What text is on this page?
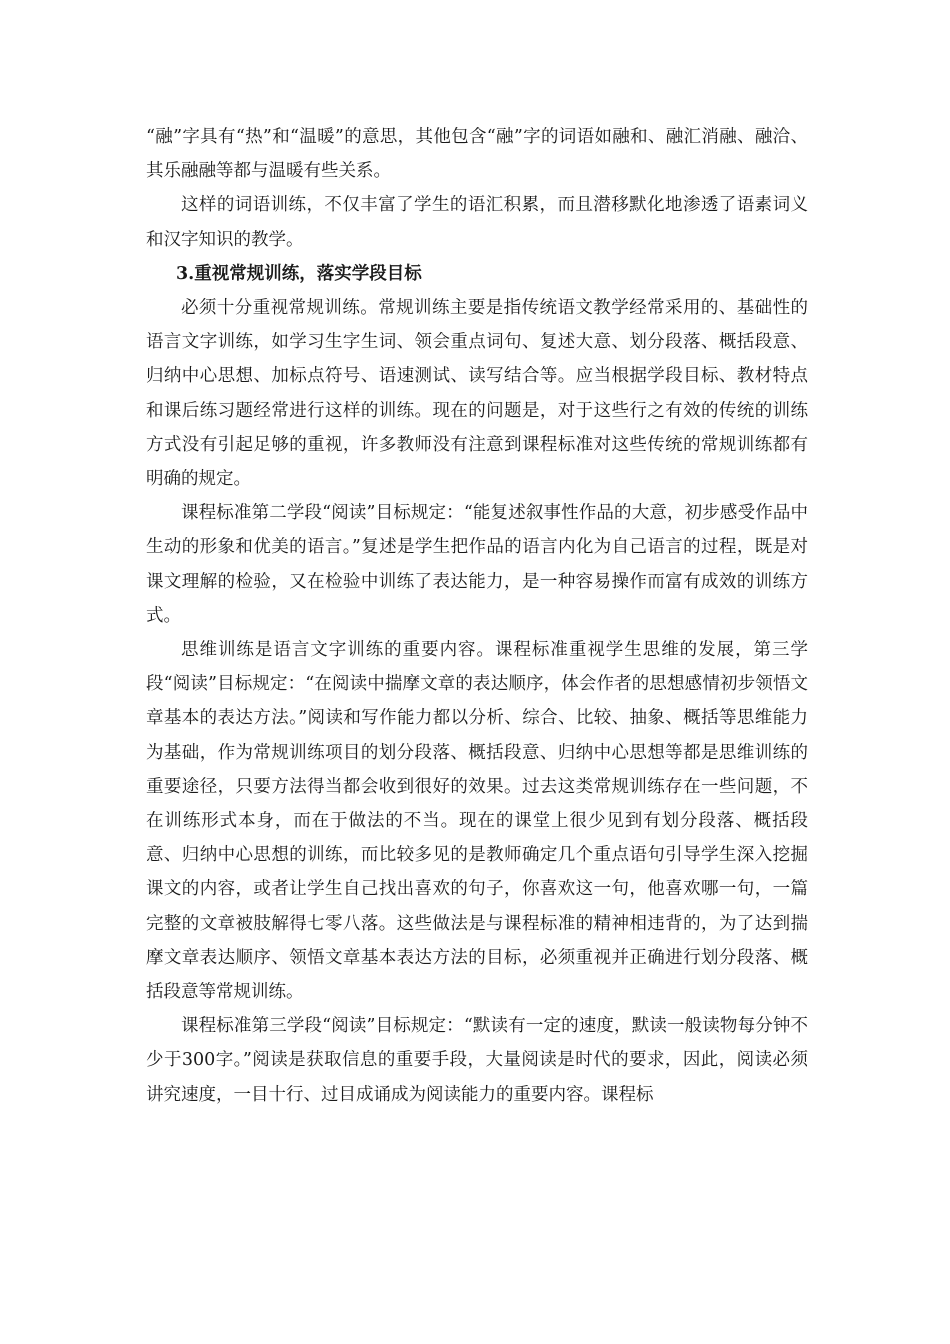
“融”字具有“热”和“温暖”的意思，其他包含“融”字的词语如融和、融汇消融、融洽、其乐融融等都与温暖有些关系。

这样的词语训练，不仅丰富了学生的语汇积累，而且潜移默化地渗透了语素词义和汉字知识的教学。

3.重视常规训练，落实学段目标

必须十分重视常规训练。常规训练主要是指传统语文教学经常采用的、基础性的语言文字训练，如学习生字生词、领会重点词句、复述大意、划分段落、概括段意、归纳中心思想、加标点符号、语速测试、读写结合等。应当根据学段目标、教材特点和课后练习题经常进行这样的训练。现在的问题是，对于这些行之有效的传统的训练方式没有引起足够的重视，许多教师没有注意到课程标准对这些传统的常规训练都有明确的规定。

课程标准第二学段“阅读”目标规定：“能复述叙事性作品的大意，初步感受作品中生动的形象和优美的语言。”复述是学生把作品的语言内化为自己语言的过程，既是对课文理解的检验，又在检验中训练了表达能力，是一种容易操作而富有成效的训练方式。

思维训练是语言文字训练的重要内容。课程标准重视学生思维的发展，第三学段“阅读”目标规定：“在阅读中揣摩文章的表达顺序，体会作者的思想感情初步领悟文章基本的表达方法。”阅读和写作能力都以分析、综合、比较、抽象、概括等思维能力为基础，作为常规训练项目的划分段落、概括段意、归纳中心思想等都是思维训练的重要途径，只要方法得当都会收到很好的效果。过去这类常规训练存在一些问题，不在训练形式本身，而在于做法的不当。现在的课堂上很少见到有划分段落、概括段意、归纳中心思想的训练，而比较多见的是教师确定几个重点语句引导学生深入挖掘课文的内容，或者让学生自己找出喜欢的句子，你喜欢这一句，他喜欢哪一句，一篇完整的文章被肢解得七零八落。这些做法是与课程标准的精神相违背的，为了达到揣摩文章表达顺序、领悟文章基本表达方法的目标，必须重视并正确进行划分段落、概括段意等常规训练。

课程标准第三学段“阅读”目标规定：“默读有一定的速度，默读一般读物每分钟不少于300字。”阅读是获取信息的重要手段，大量阅读是时代的要求，因此，阅读必须讲究速度，一目十行、过目成诵成为阅读能力的重要内容。课程标
